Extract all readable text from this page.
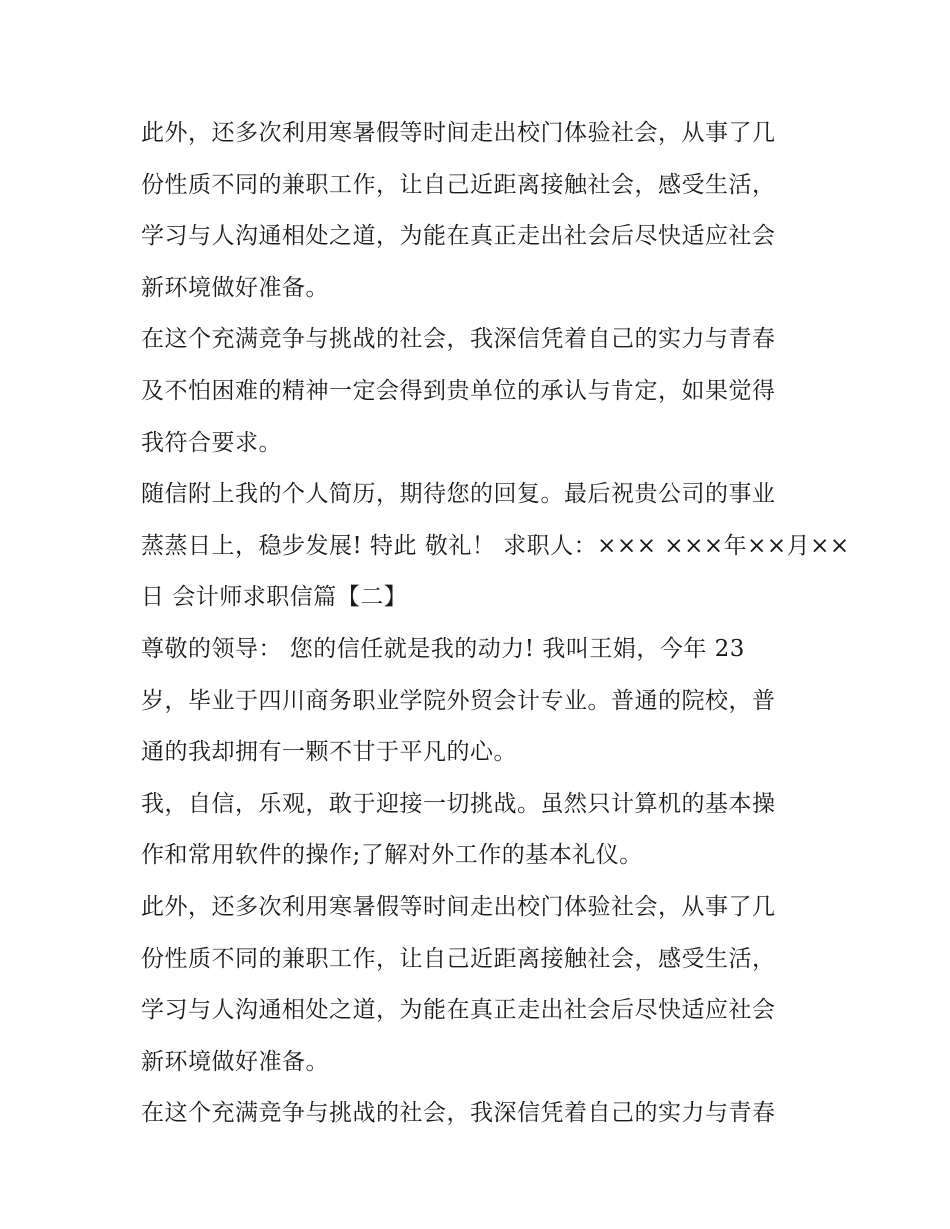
此外，还多次利用寒暑假等时间走出校门体验社会，从事了几
份性质不同的兼职工作，让自己近距离接触社会，感受生活，
学习与人沟通相处之道，为能在真正走出社会后尽快适应社会
新环境做好准备。
在这个充满竞争与挑战的社会，我深信凭着自己的实力与青春
及不怕困难的精神一定会得到贵单位的承认与肯定，如果觉得
我符合要求。
随信附上我的个人简历，期待您的回复。最后祝贵公司的事业
蒸蒸日上，稳步发展! 特此 敬礼！ 求职人：××× ×××年××月××
日 会计师求职信篇【二】
尊敬的领导： 您的信任就是我的动力! 我叫王娟，今年 23
岁，毕业于四川商务职业学院外贸会计专业。普通的院校，普
通的我却拥有一颗不甘于平凡的心。
我，自信，乐观，敢于迎接一切挑战。虽然只计算机的基本操
作和常用软件的操作;了解对外工作的基本礼仪。
此外，还多次利用寒暑假等时间走出校门体验社会，从事了几
份性质不同的兼职工作，让自己近距离接触社会，感受生活，
学习与人沟通相处之道，为能在真正走出社会后尽快适应社会
新环境做好准备。
在这个充满竞争与挑战的社会，我深信凭着自己的实力与青春
